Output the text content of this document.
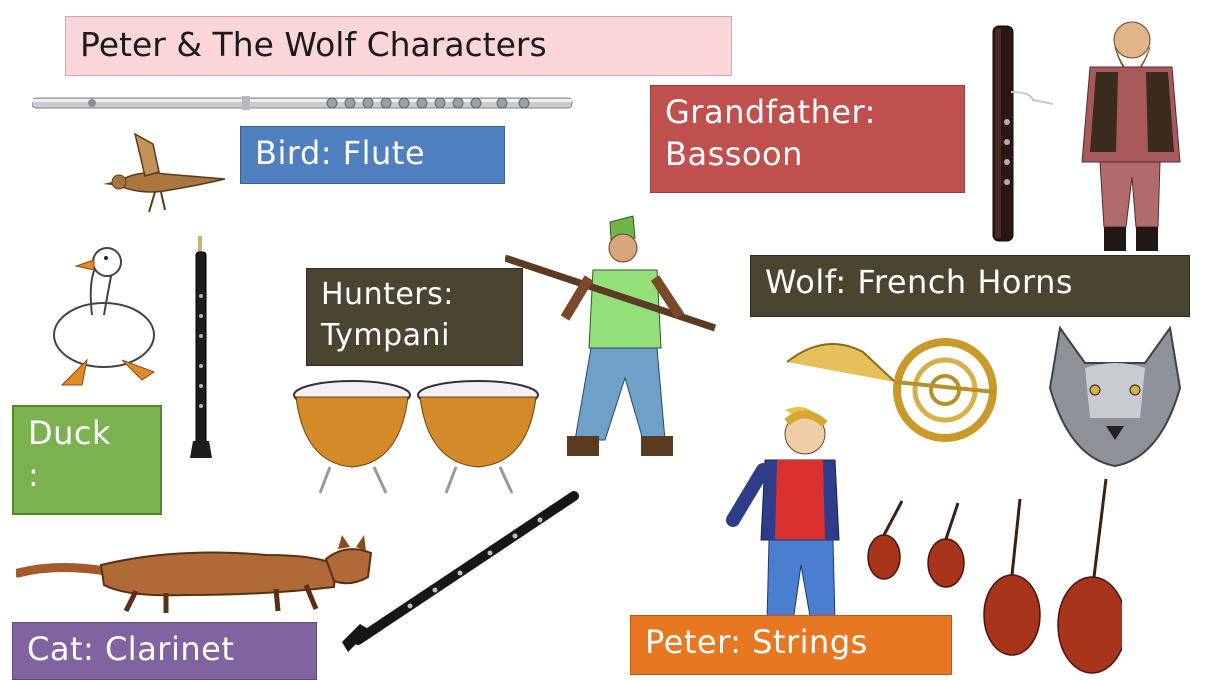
Peter & The Wolf Characters
Bird: Flute
Grandfather:
Bassoon
Hunters:
Tympani
Wolf: French Horns
Duck
:
Cat: Clarinet	Peter: Strings
